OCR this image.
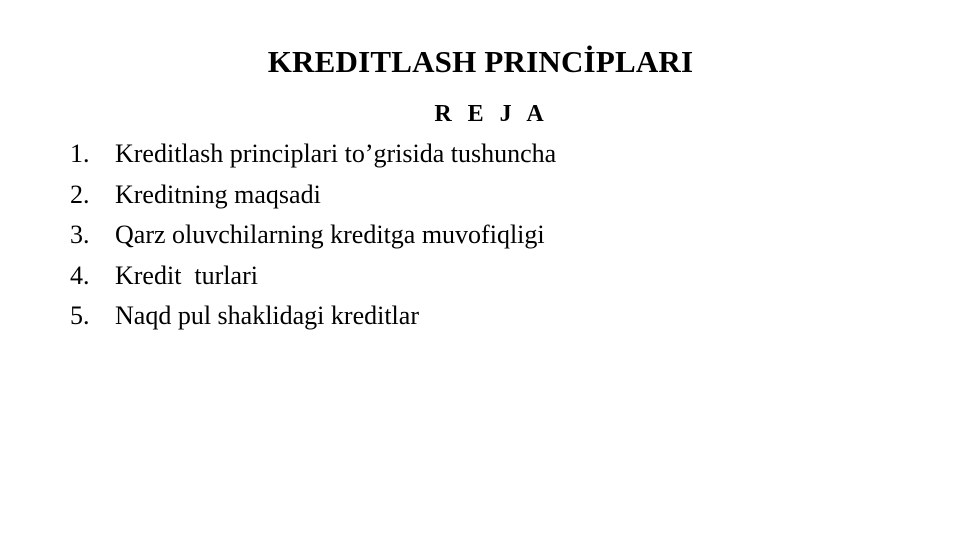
KREDITLASH PRINCİPLARI
R E J A
1. Kreditlash principlari to’grisida tushuncha
2. Kreditning maqsadi
3. Qarz oluvchilarning kreditga muvofiqligi
4. Kredit  turlari
5. Naqd pul shaklidagi kreditlar
